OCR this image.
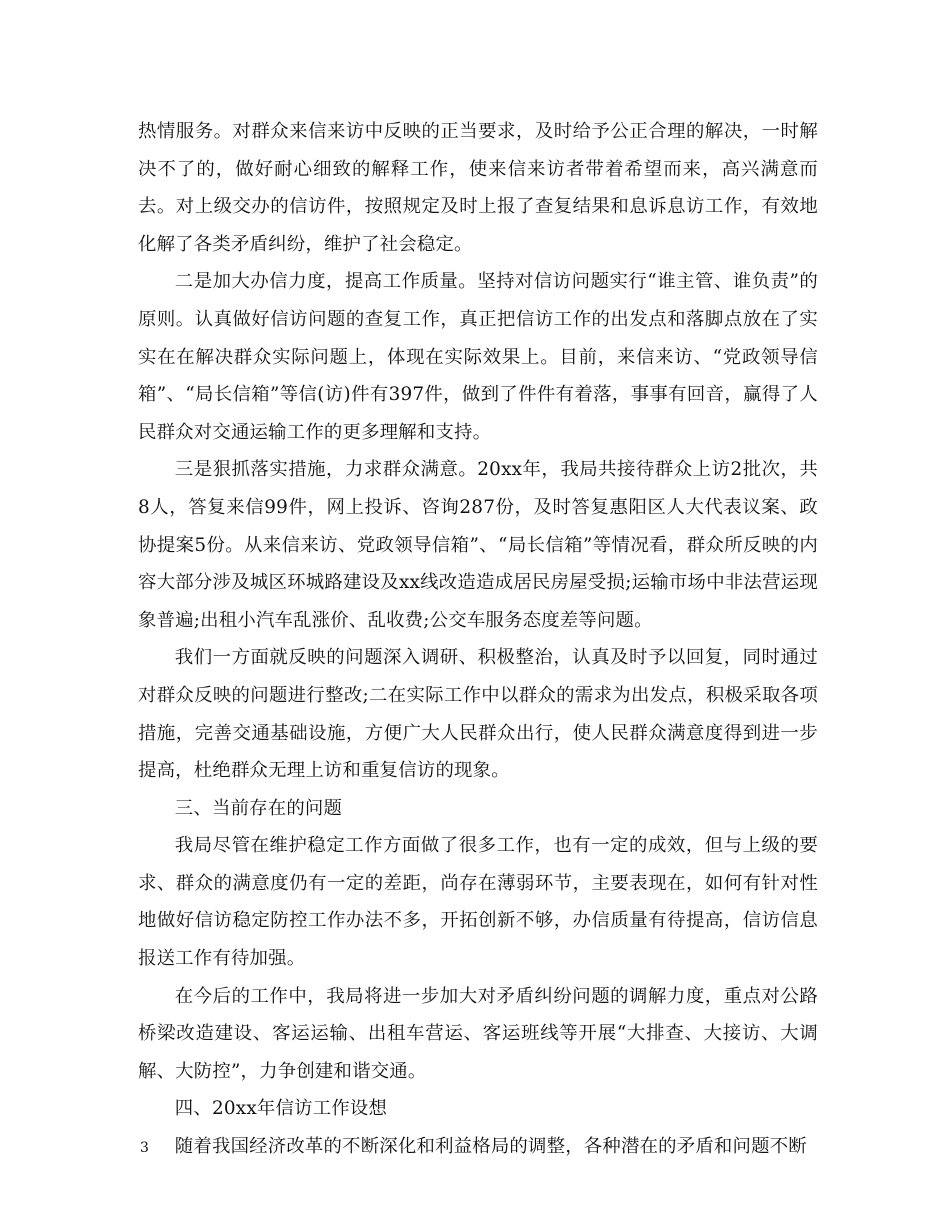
热情服务。对群众来信来访中反映的正当要求，及时给予公正合理的解决，一时解决不了的，做好耐心细致的解释工作，使来信来访者带着希望而来，高兴满意而去。对上级交办的信访件，按照规定及时上报了查复结果和息诉息访工作，有效地化解了各类矛盾纠纷，维护了社会稳定。

二是加大办信力度，提高工作质量。坚持对信访问题实行“谁主管、谁负责”的原则。认真做好信访问题的查复工作，真正把信访工作的出发点和落脚点放在了实实在在解决群众实际问题上，体现在实际效果上。目前，来信来访、“党政领导信箱”、“局长信箱”等信(访)件有397件，做到了件件有着落，事事有回音，赢得了人民群众对交通运输工作的更多理解和支持。

三是狠抓落实措施，力求群众满意。20xx年，我局共接待群众上访2批次，共8人，答复来信99件，网上投诉、咨询287份，及时答复惠阳区人大代表议案、政协提案5份。从来信来访、党政领导信箱”、“局长信箱”等情况看，群众所反映的内容大部分涉及城区环城路建设及xx线改造造成居民房屋受损;运输市场中非法营运现象普遍;出租小汽车乱涨价、乱收费;公交车服务态度差等问题。

我们一方面就反映的问题深入调研、积极整治，认真及时予以回复，同时通过对群众反映的问题进行整改;二在实际工作中以群众的需求为出发点，积极采取各项措施，完善交通基础设施，方便广大人民群众出行，使人民群众满意度得到进一步提高，杜绝群众无理上访和重复信访的现象。

三、当前存在的问题

我局尽管在维护稳定工作方面做了很多工作，也有一定的成效，但与上级的要求、群众的满意度仍有一定的差距，尚存在薄弱环节，主要表现在，如何有针对性地做好信访稳定防控工作办法不多，开拓创新不够，办信质量有待提高，信访信息报送工作有待加强。

在今后的工作中，我局将进一步加大对矛盾纠纷问题的调解力度，重点对公路桥梁改造建设、客运运输、出租车营运、客运班线等开展“大排查、大接访、大调解、大防控”，力争创建和谐交通。

四、20xx年信访工作设想

随着我国经济改革的不断深化和利益格局的调整，各种潜在的矛盾和问题不断

3
